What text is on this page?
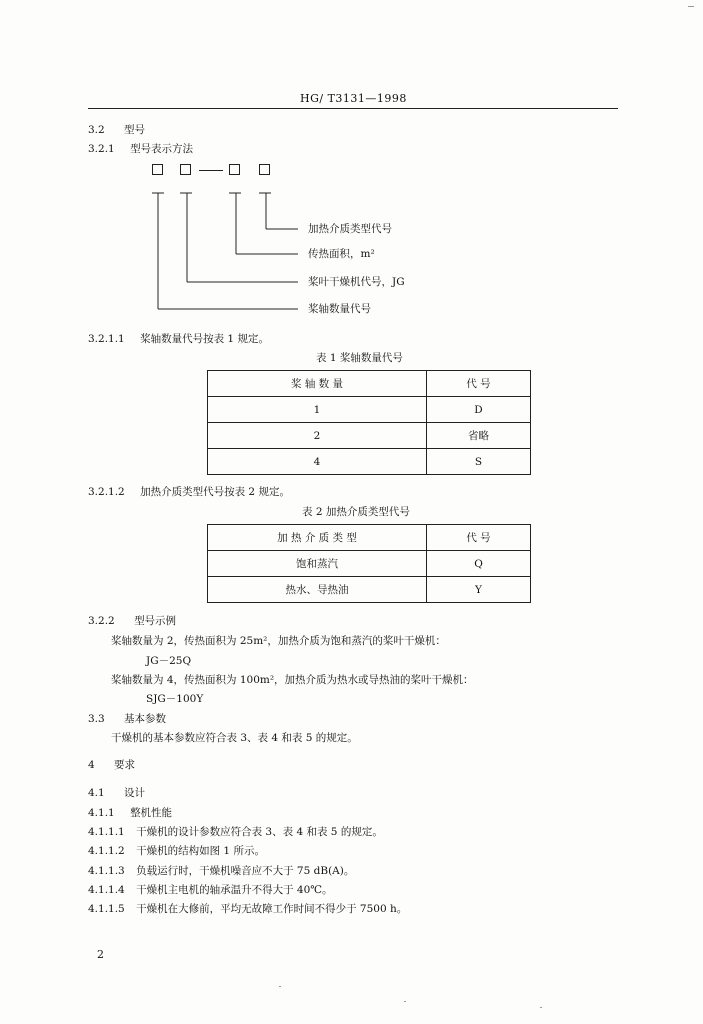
HG/ T3131—1998
3.2 型号
3.2.1 型号表示方法
加热介质类型代号
传热面积，m²
桨叶干燥机代号，JG
桨轴数量代号
3.2.1.1 桨轴数量代号按表 1 规定。
表 1 桨轴数量代号
桨 轴 数 量	代 号
1	D
2	省略
4	S
3.2.1.2 加热介质类型代号按表 2 规定。
表 2 加热介质类型代号
加 热 介 质 类 型	代 号
饱和蒸汽	Q
热水、导热油	Y
3.2.2 型号示例
桨轴数量为 2，传热面积为 25m²，加热介质为饱和蒸汽的桨叶干燥机：
JG－25Q
桨轴数量为 4，传热面积为 100m²，加热介质为热水或导热油的桨叶干燥机：
SJG－100Y
3.3 基本参数
干燥机的基本参数应符合表 3、表 4 和表 5 的规定。
4 要求
4.1 设计
4.1.1 整机性能
4.1.1.1 干燥机的设计参数应符合表 3、表 4 和表 5 的规定。
4.1.1.2 干燥机的结构如图 1 所示。
4.1.1.3 负载运行时，干燥机噪音应不大于 75 dB(A)。
4.1.1.4 干燥机主电机的轴承温升不得大于 40℃。
4.1.1.5 干燥机在大修前，平均无故障工作时间不得少于 7500 h。
2
